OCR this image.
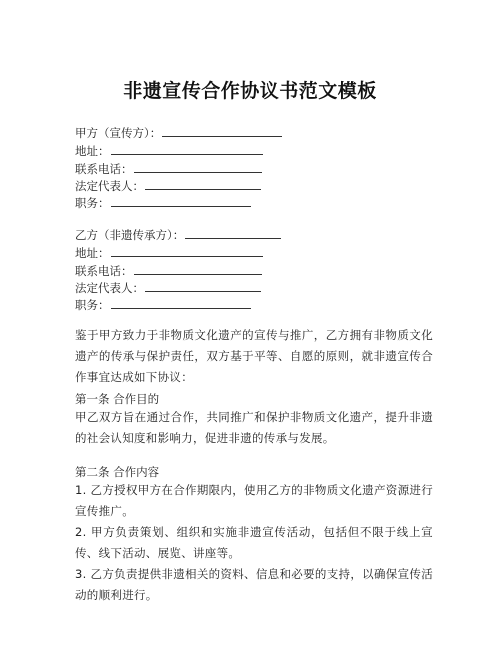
非遗宣传合作协议书范文模板
甲方（宣传方）：
地址：
联系电话：
法定代表人：
职务：
乙方（非遗传承方）：
地址：
联系电话：
法定代表人：
职务：
鉴于甲方致力于非物质文化遗产的宣传与推广，乙方拥有非物质文化遗产的传承与保护责任，双方基于平等、自愿的原则，就非遗宣传合作事宜达成如下协议：
第一条 合作目的
甲乙双方旨在通过合作，共同推广和保护非物质文化遗产，提升非遗的社会认知度和影响力，促进非遗的传承与发展。
第二条 合作内容
1. 乙方授权甲方在合作期限内，使用乙方的非物质文化遗产资源进行宣传推广。
2. 甲方负责策划、组织和实施非遗宣传活动，包括但不限于线上宣传、线下活动、展览、讲座等。
3. 乙方负责提供非遗相关的资料、信息和必要的支持，以确保宣传活动的顺利进行。
